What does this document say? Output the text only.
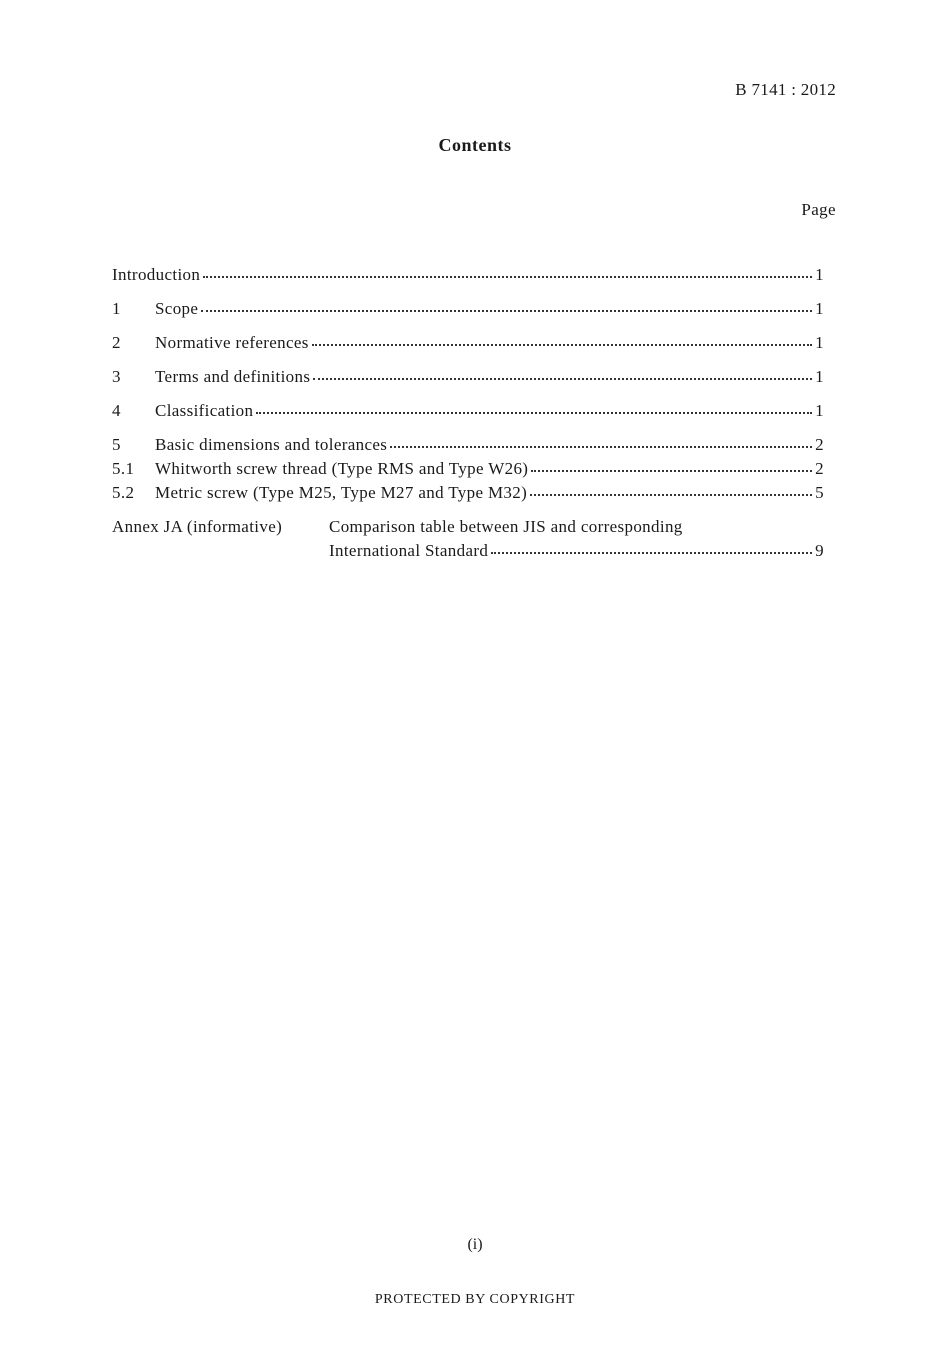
B 7141 : 2012
Contents
Page
Introduction	1
1	Scope	1
2	Normative references	1
3	Terms and definitions	1
4	Classification	1
5	Basic dimensions and tolerances	2
5.1	Whitworth screw thread (Type RMS and Type W26)	2
5.2	Metric screw (Type M25, Type M27 and Type M32)	5
Annex JA (informative)	Comparison table between JIS and corresponding
International Standard	9
(i)
PROTECTED BY COPYRIGHT
